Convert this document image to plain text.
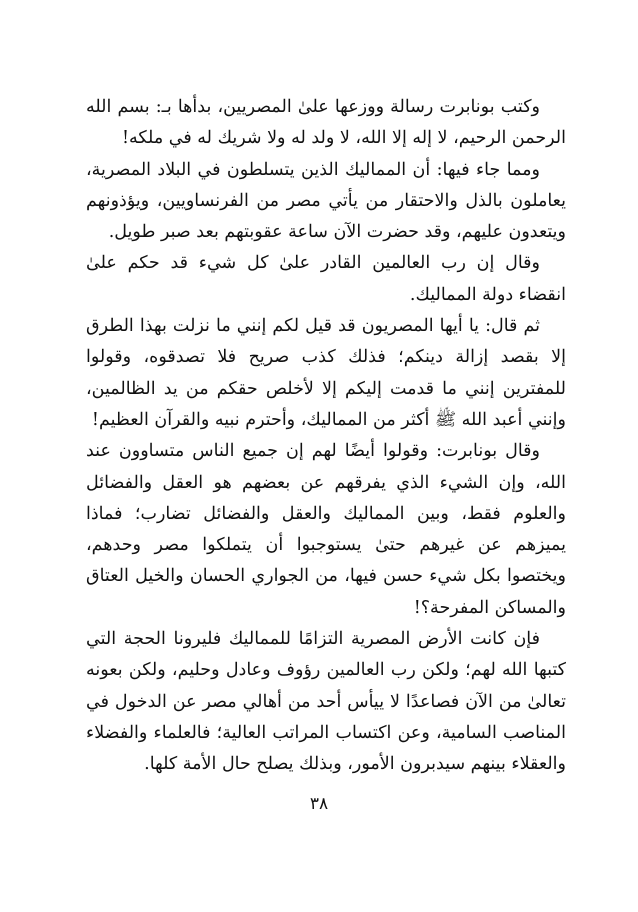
وكتب بونابرت رسالة ووزعها علىٰ المصريين، بدأها بـ: بسم الله الرحمن الرحيم، لا إله إلا الله، لا ولد له ولا شريك له في ملكه!

ومما جاء فيها: أن المماليك الذين يتسلطون في البلاد المصرية، يعاملون بالذل والاحتقار من يأتي مصر من الفرنساويين، ويؤذونهم ويتعدون عليهم، وقد حضرت الآن ساعة عقوبتهم بعد صبر طويل.

وقال إن رب العالمين القادر علىٰ كل شيء قد حكم علىٰ انقضاء دولة المماليك.

ثم قال: يا أيها المصريون قد قيل لكم إنني ما نزلت بهذا الطرق إلا بقصد إزالة دينكم؛ فذلك كذب صريح فلا تصدقوه، وقولوا للمفترين إنني ما قدمت إليكم إلا لأخلص حقكم من يد الظالمين، وإنني أعبد الله ﷺ أكثر من المماليك، وأحترم نبيه والقرآن العظيم!

وقال بونابرت: وقولوا أيضًا لهم إن جميع الناس متساوون عند الله، وإن الشيء الذي يفرقهم عن بعضهم هو العقل والفضائل والعلوم فقط، وبين المماليك والعقل والفضائل تضارب؛ فماذا يميزهم عن غيرهم حتىٰ يستوجبوا أن يتملكوا مصر وحدهم، ويختصوا بكل شيء حسن فيها، من الجواري الحسان والخيل العتاق والمساكن المفرحة؟!

فإن كانت الأرض المصرية التزامًا للمماليك فليرونا الحجة التي كتبها الله لهم؛ ولكن رب العالمين رؤوف وعادل وحليم، ولكن بعونه تعالىٰ من الآن فصاعدًا لا ييأس أحد من أهالي مصر عن الدخول في المناصب السامية، وعن اكتساب المراتب العالية؛ فالعلماء والفضلاء والعقلاء بينهم سيدبرون الأمور، وبذلك يصلح حال الأمة كلها.

٣٨
